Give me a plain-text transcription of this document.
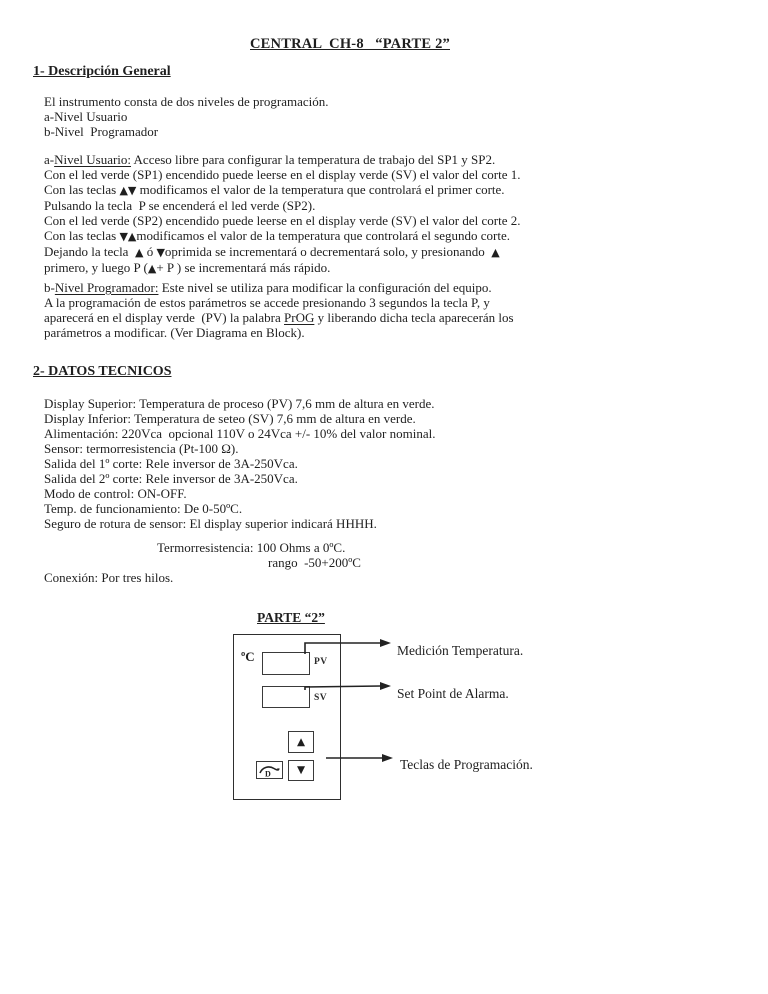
CENTRAL  CH-8   “PARTE 2”
1- Descripción General
El instrumento consta de dos niveles de programación.
a-Nivel Usuario
b-Nivel  Programador
a-Nivel Usuario: Acceso libre para configurar la temperatura de trabajo del SP1 y SP2.
Con el led verde (SP1) encendido puede leerse en el display verde (SV) el valor del corte 1.
Con las teclas ▲▼ modificamos el valor de la temperatura que controlará el primer corte.
Pulsando la tecla  P se encenderá el led verde (SP2).
Con el led verde (SP2) encendido puede leerse en el display verde (SV) el valor del corte 2.
Con las teclas ▼▲modificamos el valor de la temperatura que controlará el segundo corte.
Dejando la tecla  ▲ ó ▼oprimida se incrementará o decrementará solo, y presionando  ▲
primero, y luego P (▲+ P ) se incrementará más rápido.
b-Nivel Programador: Este nivel se utiliza para modificar la configuración del equipo.
A la programación de estos parámetros se accede presionando 3 segundos la tecla P, y
aparecerá en el display verde  (PV) la palabra PrOG y liberando dicha tecla aparecerán los
parámetros a modificar. (Ver Diagrama en Block).
2- DATOS TECNICOS
Display Superior: Temperatura de proceso (PV) 7,6 mm de altura en verde.
Display Inferior: Temperatura de seteo (SV) 7,6 mm de altura en verde.
Alimentación: 220Vca  opcional 110V o 24Vca +/- 10% del valor nominal.
Sensor: termorresistencia (Pt-100 Ω).
Salida del 1º corte: Rele inversor de 3A-250Vca.
Salida del 2º corte: Rele inversor de 3A-250Vca.
Modo de control: ON-OFF.
Temp. de funcionamiento: De 0-50ºC.
Seguro de rotura de sensor: El display superior indicará HHHH.
Termorresistencia: 100 Ohms a 0ºC.
rango  -50+200ºC
Conexión: Por tres hilos.
PARTE “2”
ºC	PV
SV
▲
D ▼
Medición Temperatura.
Set Point de Alarma.
Teclas de Programación.
